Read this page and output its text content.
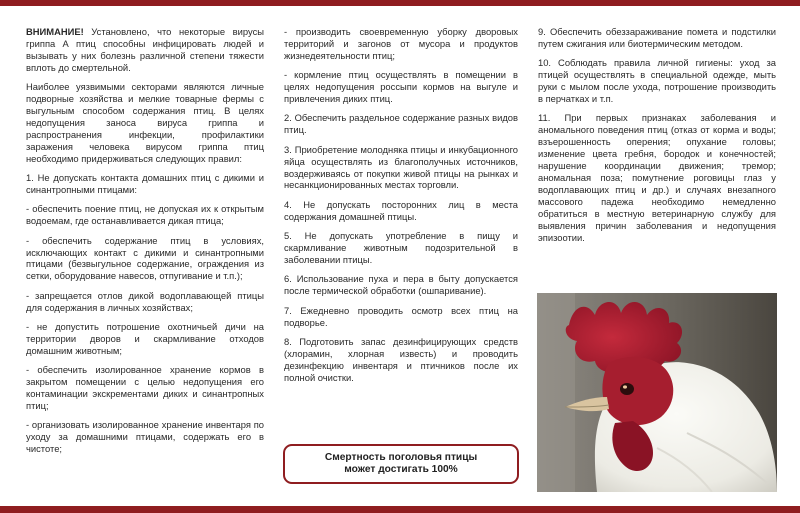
ВНИМАНИЕ! Установлено, что некоторые вирусы гриппа А птиц способны инфицировать людей и вызывать у них болезнь различной степени тяжести вплоть до смертельной.

Наиболее уязвимыми секторами являются личные подворные хозяйства и мелкие товарные фермы с выгульным способом содержания птиц. В целях недопущения заноса вируса гриппа и распространения инфекции, профилактики заражения человека вирусом гриппа птиц необходимо придерживаться следующих правил:

1. Не допускать контакта домашних птиц с дикими и синантропными птицами:

- обеспечить поение птиц, не допуская их к открытым водоемам, где останавливается дикая птица;

- обеспечить содержание птиц в условиях, исключающих контакт с дикими и синантропными птицами (безвыгульное содержание, ограждения из сетки, оборудование навесов, отпугивание и т.п.);

- запрещается отлов дикой водоплавающей птицы для содержания в личных хозяйствах;

- не допустить потрошение охотничьей дичи на территории дворов и скармливание отходов домашним животным;

- обеспечить изолированное хранение кормов в закрытом помещении с целью недопущения его контаминации экскрементами диких и синантропных птиц;

- организовать изолированное хранение инвентаря по уходу за домашними птицами, содержать его в чистоте;

- производить своевременную уборку дворовых территорий и загонов от мусора и продуктов жизнедеятельности птиц;

- кормление птиц осуществлять в помещении в целях недопущения россыпи кормов на выгуле и привлечения диких птиц.

2. Обеспечить раздельное содержание разных видов птиц.

3. Приобретение молодняка птицы и инкубационного яйца осуществлять из благополучных источников, воздерживаясь от покупки живой птицы на рынках и несанкционированных местах торговли.

4. Не допускать посторонних лиц в места содержания домашней птицы.

5. Не допускать употребление в пищу и скармливание животным подозрительной в заболевании птицы.

6. Использование пуха и пера в быту допускается после термической обработки (ошпаривание).

7. Ежедневно проводить осмотр всех птиц на подворье.

8. Подготовить запас дезинфицирующих средств (хлорамин, хлорная известь) и проводить дезинфекцию инвентаря и птичников после их полной очистки.

Смертность поголовья птицы
может достигать 100%

9. Обеспечить обеззараживание помета и подстилки путем сжигания или биотермическим методом.

10. Соблюдать правила личной гигиены: уход за птицей осуществлять в специальной одежде, мыть руки с мылом после ухода, потрошение производить в перчатках и т.п.

11. При первых признаках заболевания и аномального поведения птиц (отказ от корма и воды; взъерошенность оперения; опухание головы; изменение цвета гребня, бородок и конечностей; нарушение координации движения; тремор; аномальная поза; помутнение роговицы глаз у водоплавающих птиц и др.) и случаях внезапного массового падежа необходимо немедленно обратиться в местную ветеринарную службу для выявления причин заболевания и недопущения эпизоотии.
